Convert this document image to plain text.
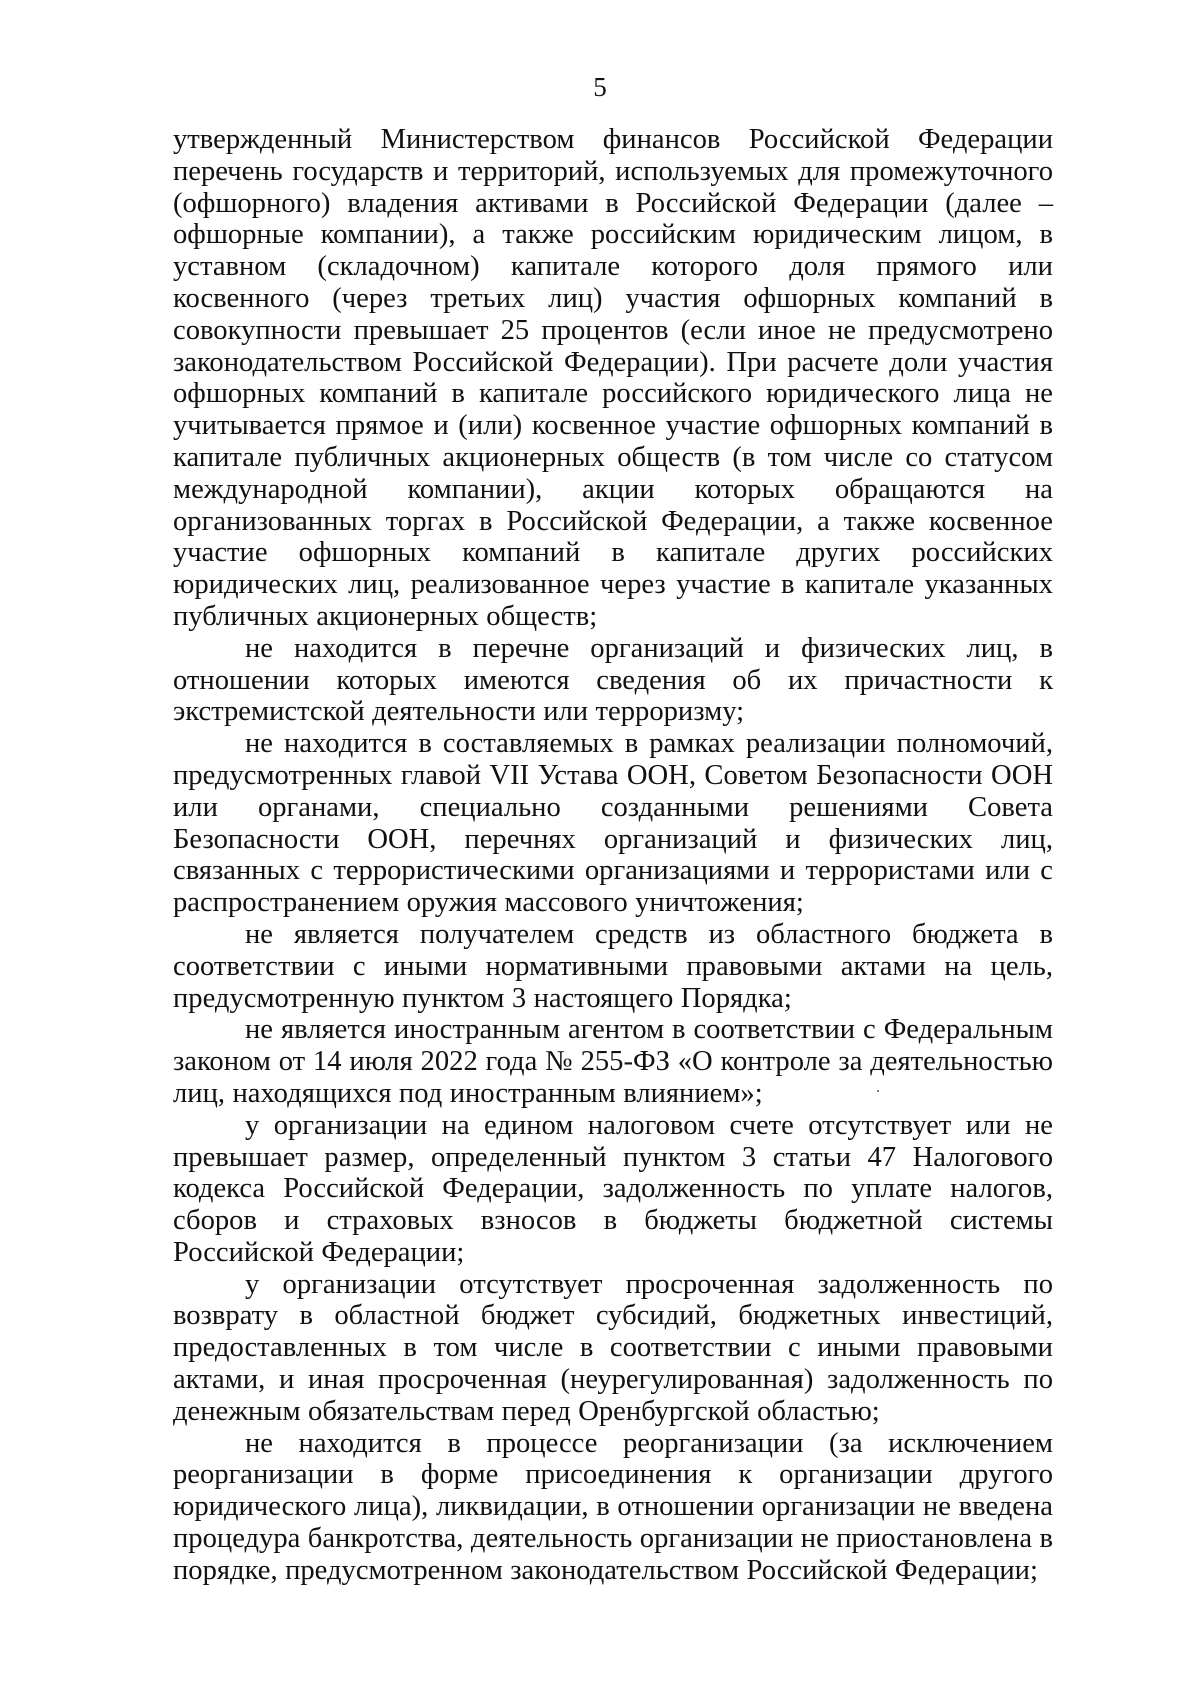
5

утвержденный Министерством финансов Российской Федерации перечень государств и территорий, используемых для промежуточного (офшорного) владения активами в Российской Федерации (далее – офшорные компании), а также российским юридическим лицом, в уставном (складочном) капитале которого доля прямого или косвенного (через третьих лиц) участия офшорных компаний в совокупности превышает 25 процентов (если иное не предусмотрено законодательством Российской Федерации). При расчете доли участия офшорных компаний в капитале российского юридического лица не учитывается прямое и (или) косвенное участие офшорных компаний в капитале публичных акционерных обществ (в том числе со статусом международной компании), акции которых обращаются на организованных торгах в Российской Федерации, а также косвенное участие офшорных компаний в капитале других российских юридических лиц, реализованное через участие в капитале указанных публичных акционерных обществ;

не находится в перечне организаций и физических лиц, в отношении которых имеются сведения об их причастности к экстремистской деятельности или терроризму;

не находится в составляемых в рамках реализации полномочий, предусмотренных главой VII Устава ООН, Советом Безопасности ООН или органами, специально созданными решениями Совета Безопасности ООН, перечнях организаций и физических лиц, связанных с террористическими организациями и террористами или с распространением оружия массового уничтожения;

не является получателем средств из областного бюджета в соответствии с иными нормативными правовыми актами на цель, предусмотренную пунктом 3 настоящего Порядка;

не является иностранным агентом в соответствии с Федеральным законом от 14 июля 2022 года № 255-ФЗ «О контроле за деятельностью лиц, находящихся под иностранным влиянием»;

у организации на едином налоговом счете отсутствует или не превышает размер, определенный пунктом 3 статьи 47 Налогового кодекса Российской Федерации, задолженность по уплате налогов, сборов и страховых взносов в бюджеты бюджетной системы Российской Федерации;

у организации отсутствует просроченная задолженность по возврату в областной бюджет субсидий, бюджетных инвестиций, предоставленных в том числе в соответствии с иными правовыми актами, и иная просроченная (неурегулированная) задолженность по денежным обязательствам перед Оренбургской областью;

не находится в процессе реорганизации (за исключением реорганизации в форме присоединения к организации другого юридического лица), ликвидации, в отношении организации не введена процедура банкротства, деятельность организации не приостановлена в порядке, предусмотренном законодательством Российской Федерации;
